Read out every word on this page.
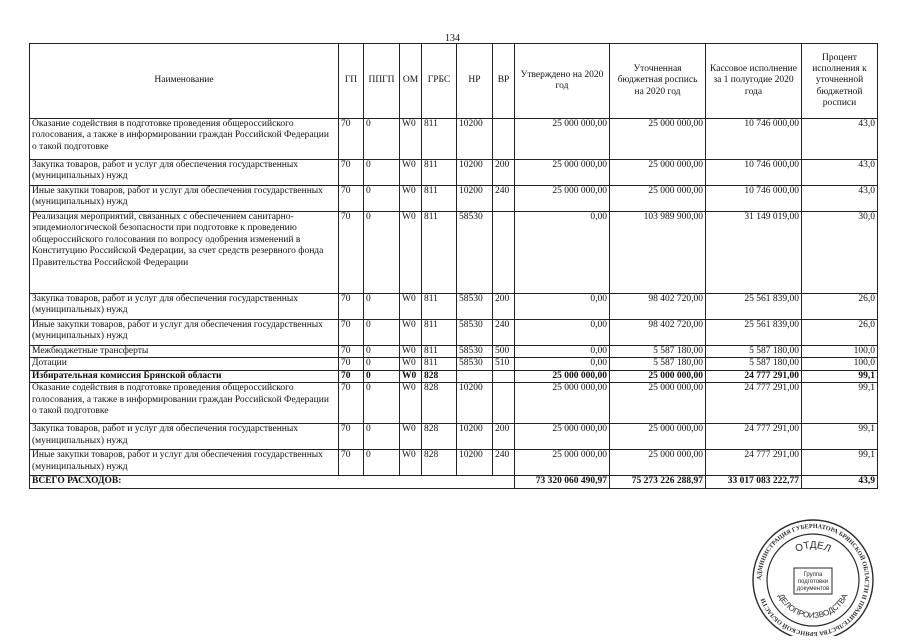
134
Наименование	ГП	ППГП	ОМ	ГРБС	НР	ВР	Утверждено на 2020 год	Уточненная бюджетная роспись на 2020 год	Кассовое исполнение за 1 полугодие 2020 года	Процент исполнения к уточненной бюджетной росписи
Оказание содействия в подготовке проведения общероссийского голосования, а также в информировании граждан Российской Федерации о такой подготовке	70	0	W0	811	10200		25 000 000,00	25 000 000,00	10 746 000,00	43,0
Закупка товаров, работ и услуг для обеспечения государственных (муниципальных) нужд	70	0	W0	811	10200	200	25 000 000,00	25 000 000,00	10 746 000,00	43,0
Иные закупки товаров, работ и услуг для обеспечения государственных (муниципальных) нужд	70	0	W0	811	10200	240	25 000 000,00	25 000 000,00	10 746 000,00	43,0
Реализация мероприятий, связанных с обеспечением санитарно-эпидемиологической безопасности при подготовке к проведению общероссийского голосования по вопросу одобрения изменений в Конституцию Российской Федерации, за счет средств резервного фонда Правительства Российской Федерации	70	0	W0	811	58530		0,00	103 989 900,00	31 149 019,00	30,0
Закупка товаров, работ и услуг для обеспечения государственных (муниципальных) нужд	70	0	W0	811	58530	200	0,00	98 402 720,00	25 561 839,00	26,0
Иные закупки товаров, работ и услуг для обеспечения государственных (муниципальных) нужд	70	0	W0	811	58530	240	0,00	98 402 720,00	25 561 839,00	26,0
Межбюджетные трансферты	70	0	W0	811	58530	500	0,00	5 587 180,00	5 587 180,00	100,0
Дотации	70	0	W0	811	58530	510	0,00	5 587 180,00	5 587 180,00	100,0
Избирательная комиссия Брянской области	70	0	W0	828			25 000 000,00	25 000 000,00	24 777 291,00	99,1
Оказание содействия в подготовке проведения общероссийского голосования, а также в информировании граждан Российской Федерации о такой подготовке	70	0	W0	828	10200		25 000 000,00	25 000 000,00	24 777 291,00	99,1
Закупка товаров, работ и услуг для обеспечения государственных (муниципальных) нужд	70	0	W0	828	10200	200	25 000 000,00	25 000 000,00	24 777 291,00	99,1
Иные закупки товаров, работ и услуг для обеспечения государственных (муниципальных) нужд	70	0	W0	828	10200	240	25 000 000,00	25 000 000,00	24 777 291,00	99,1
ВСЕГО РАСХОДОВ:							73 320 060 490,97	75 273 226 288,97	33 017 083 222,77	43,9
АДМИНИСТРАЦИЯ ГУБЕРНАТОРА БРЯНСКОЙ ОБЛАСТИ И ПРАВИТЕЛЬСТВА БРЯНСКОЙ ОБЛАСТИ
ОТДЕЛ
ДЕЛОПРОИЗВОДСТВА
Группа подготовки документов
